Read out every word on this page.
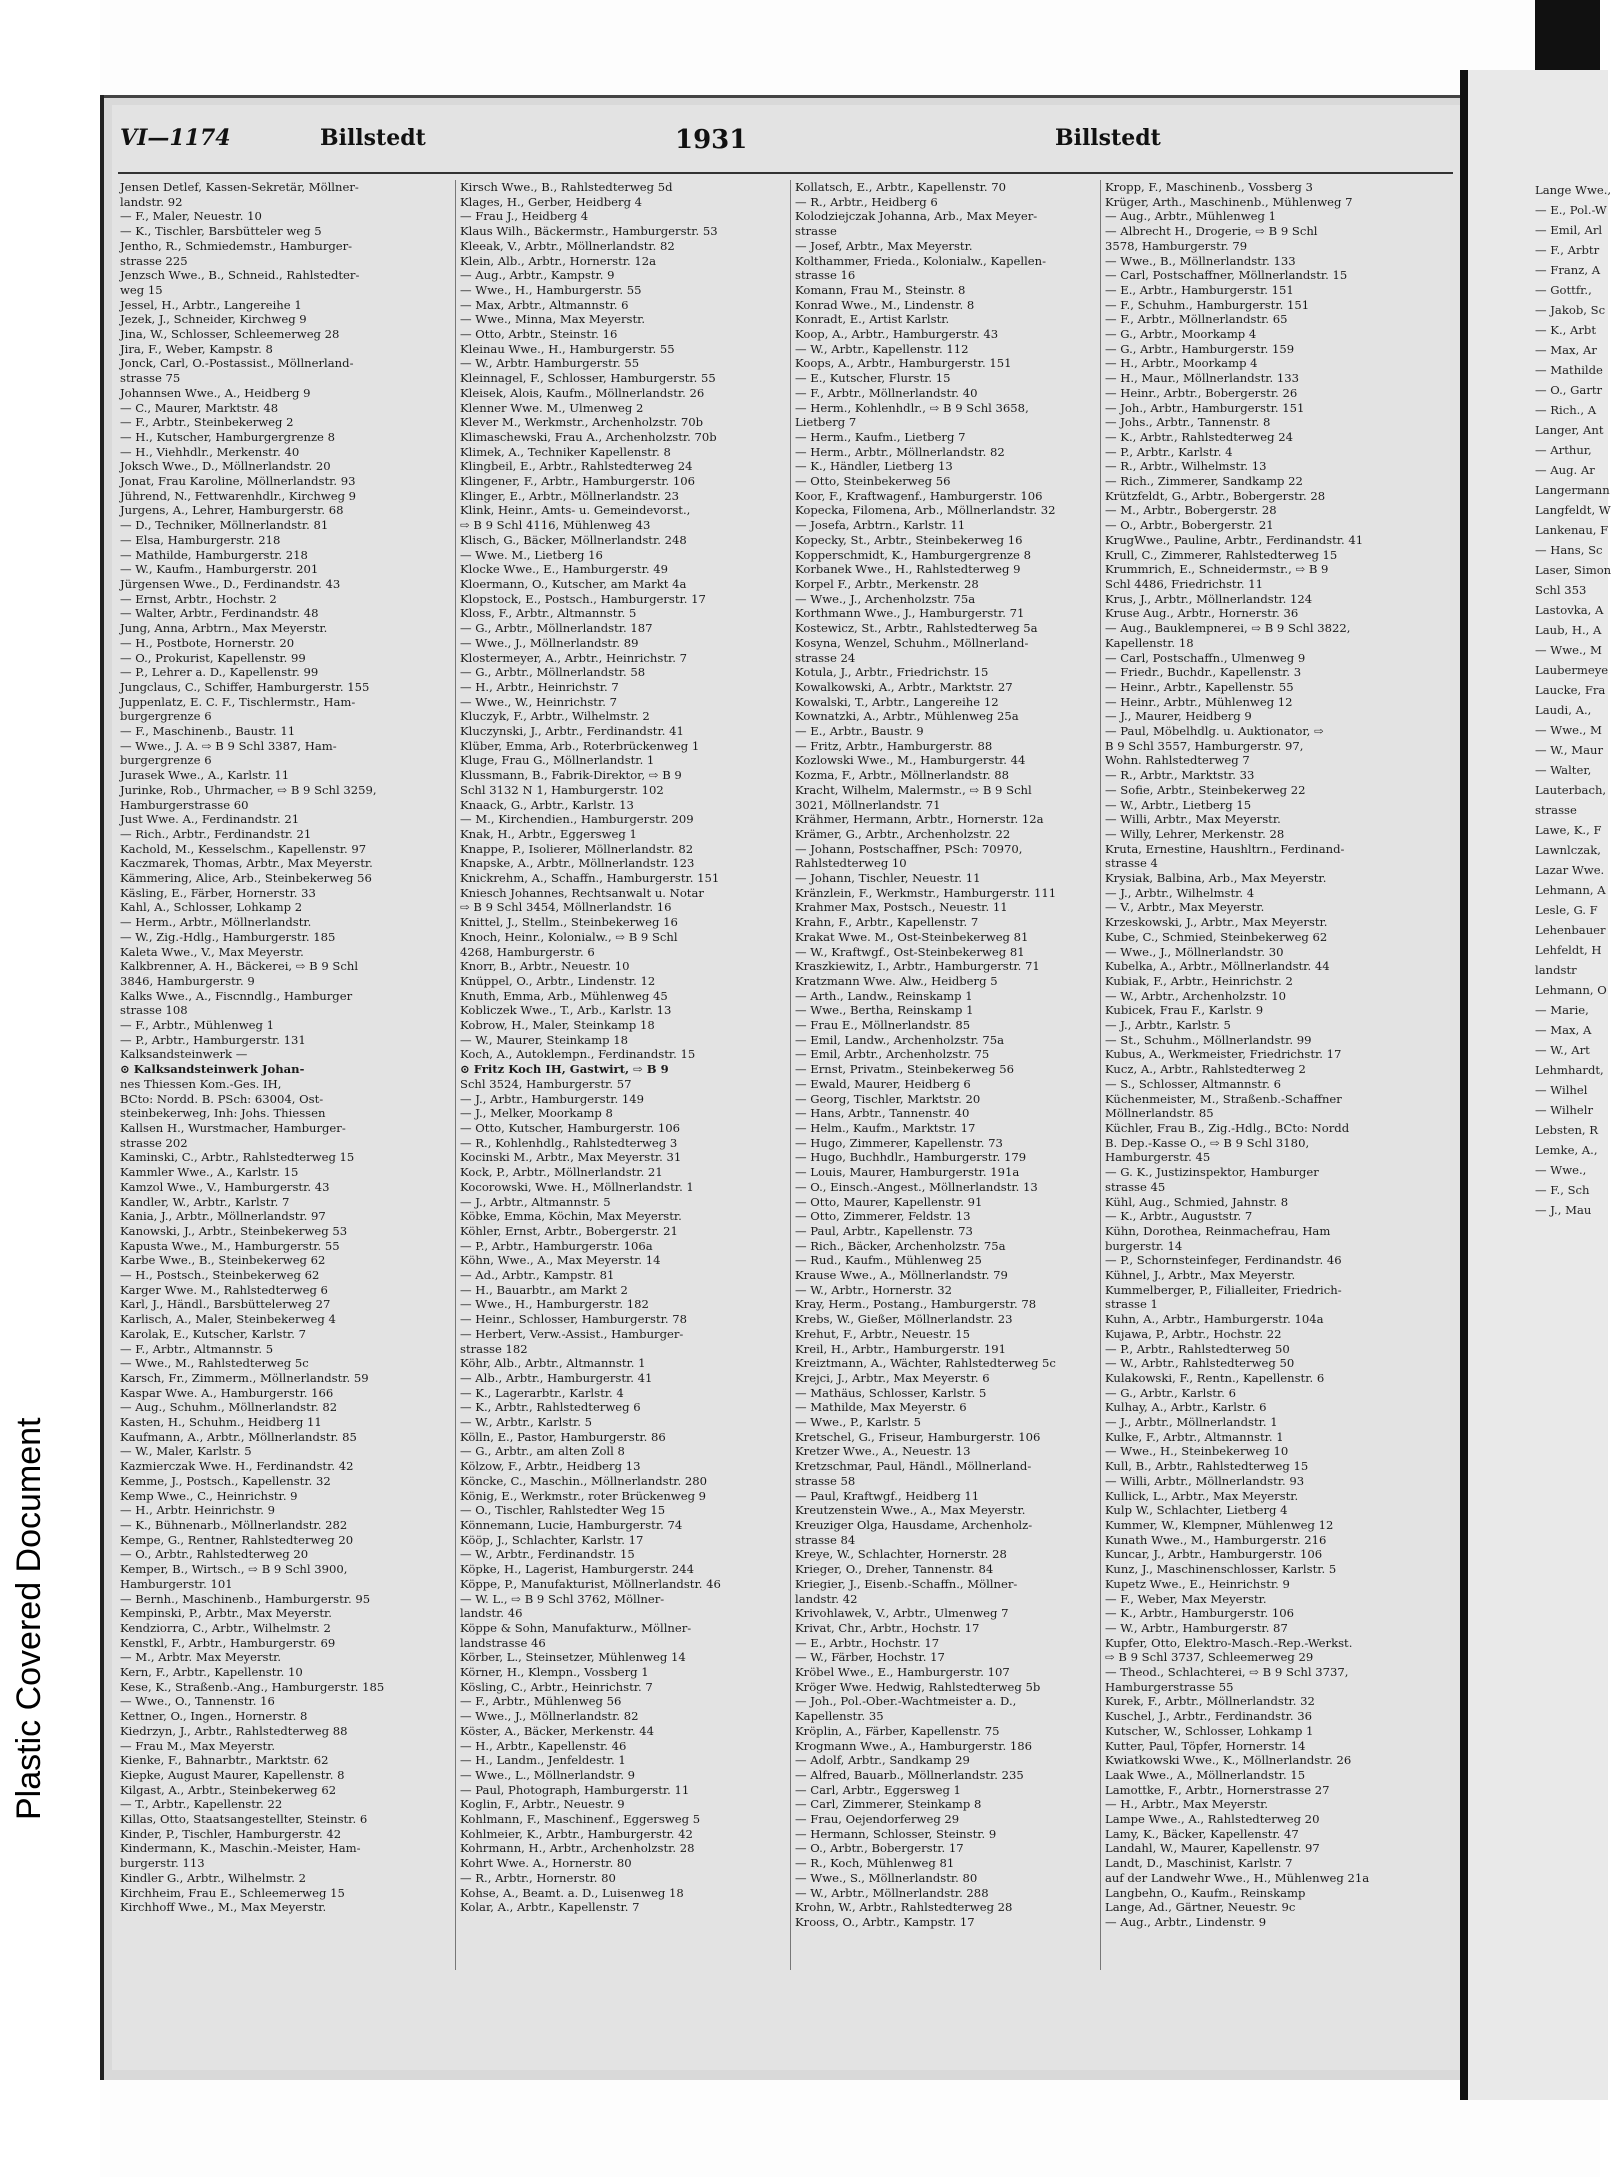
Plastic Covered Document
VI—1174	Billstedt	1931	Billstedt
Jensen Detlef, Kassen-Sekretär, Möllner-
landstr. 92
— F., Maler, Neuestr. 10
— K., Tischler, Barsbütteler weg 5
Jentho, R., Schmiedemstr., Hamburger-
strasse 225
Jenzsch Wwe., B., Schneid., Rahlstedter-
weg 15
Jessel, H., Arbtr., Langereihe 1
Jezek, J., Schneider, Kirchweg 9
Jina, W., Schlosser, Schleemerweg 28
Jira, F., Weber, Kampstr. 8
Jonck, Carl, O.-Postassist., Möllnerland-
strasse 75
Johannsen Wwe., A., Heidberg 9
— C., Maurer, Marktstr. 48
— F., Arbtr., Steinbekerweg 2
— H., Kutscher, Hamburgergrenze 8
— H., Viehhdlr., Merkenstr. 40
Joksch Wwe., D., Möllnerlandstr. 20
Jonat, Frau Karoline, Möllnerlandstr. 93
Jührend, N., Fettwarenhdlr., Kirchweg 9
Jurgens, A., Lehrer, Hamburgerstr. 68
— D., Techniker, Möllnerlandstr. 81
— Elsa, Hamburgerstr. 218
— Mathilde, Hamburgerstr. 218
— W., Kaufm., Hamburgerstr. 201
Jürgensen Wwe., D., Ferdinandstr. 43
— Ernst, Arbtr., Hochstr. 2
— Walter, Arbtr., Ferdinandstr. 48
Jung, Anna, Arbtrn., Max Meyerstr.
— H., Postbote, Hornerstr. 20
— O., Prokurist, Kapellenstr. 99
— P., Lehrer a. D., Kapellenstr. 99
Jungclaus, C., Schiffer, Hamburgerstr. 155
Juppenlatz, E. C. F., Tischlermstr., Ham-
burgergrenze 6
— F., Maschinenb., Baustr. 11
— Wwe., J. A. ⇨ B 9 Schl 3387, Ham-
burgergrenze 6
Jurasek Wwe., A., Karlstr. 11
Jurinke, Rob., Uhrmacher, ⇨ B 9 Schl 3259,
Hamburgerstrasse 60
Just Wwe. A., Ferdinandstr. 21
— Rich., Arbtr., Ferdinandstr. 21
Kachold, M., Kesselschm., Kapellenstr. 97
Kaczmarek, Thomas, Arbtr., Max Meyerstr.
Kämmering, Alice, Arb., Steinbekerweg 56
Käsling, E., Färber, Hornerstr. 33
Kahl, A., Schlosser, Lohkamp 2
— Herm., Arbtr., Möllnerlandstr.
— W., Zig.-Hdlg., Hamburgerstr. 185
Kaleta Wwe., V., Max Meyerstr.
Kalkbrenner, A. H., Bäckerei, ⇨ B 9 Schl
3846, Hamburgerstr. 9
Kalks Wwe., A., Fiscnndlg., Hamburger
strasse 108
— F., Arbtr., Mühlenweg 1
— P., Arbtr., Hamburgerstr. 131
Kalksandsteinwerk —
⊙ Kalksandsteinwerk Johan-
nes Thiessen Kom.-Ges. IH,
BCto: Nordd. B. PSch: 63004, Ost-
steinbekerweg, Inh: Johs. Thiessen
Kallsen H., Wurstmacher, Hamburger-
strasse 202
Kaminski, C., Arbtr., Rahlstedterweg 15
Kammler Wwe., A., Karlstr. 15
Kamzol Wwe., V., Hamburgerstr. 43
Kandler, W., Arbtr., Karlstr. 7
Kania, J., Arbtr., Möllnerlandstr. 97
Kanowski, J., Arbtr., Steinbekerweg 53
Kapusta Wwe., M., Hamburgerstr. 55
Karbe Wwe., B., Steinbekerweg 62
— H., Postsch., Steinbekerweg 62
Karger Wwe. M., Rahlstedterweg 6
Karl, J., Händl., Barsbüttelerweg 27
Karlisch, A., Maler, Steinbekerweg 4
Karolak, E., Kutscher, Karlstr. 7
— F., Arbtr., Altmannstr. 5
— Wwe., M., Rahlstedterweg 5c
Karsch, Fr., Zimmerm., Möllnerlandstr. 59
Kaspar Wwe. A., Hamburgerstr. 166
— Aug., Schuhm., Möllnerlandstr. 82
Kasten, H., Schuhm., Heidberg 11
Kaufmann, A., Arbtr., Möllnerlandstr. 85
— W., Maler, Karlstr. 5
Kazmierczak Wwe. H., Ferdinandstr. 42
Kemme, J., Postsch., Kapellenstr. 32
Kemp Wwe., C., Heinrichstr. 9
— H., Arbtr. Heinrichstr. 9
— K., Bühnenarb., Möllnerlandstr. 282
Kempe, G., Rentner, Rahlstedterweg 20
— O., Arbtr., Rahlstedterweg 20
Kemper, B., Wirtsch., ⇨ B 9 Schl 3900,
Hamburgerstr. 101
— Bernh., Maschinenb., Hamburgerstr. 95
Kempinski, P., Arbtr., Max Meyerstr.
Kendziorra, C., Arbtr., Wilhelmstr. 2
Kenstkl, F., Arbtr., Hamburgerstr. 69
— M., Arbtr. Max Meyerstr.
Kern, F., Arbtr., Kapellenstr. 10
Kese, K., Straßenb.-Ang., Hamburgerstr. 185
— Wwe., O., Tannenstr. 16
Kettner, O., Ingen., Hornerstr. 8
Kiedrzyn, J., Arbtr., Rahlstedterweg 88
— Frau M., Max Meyerstr.
Kienke, F., Bahnarbtr., Marktstr. 62
Kiepke, August Maurer, Kapellenstr. 8
Kilgast, A., Arbtr., Steinbekerweg 62
— T., Arbtr., Kapellenstr. 22
Killas, Otto, Staatsangestellter, Steinstr. 6
Kinder, P., Tischler, Hamburgerstr. 42
Kindermann, K., Maschin.-Meister, Ham-
burgerstr. 113
Kindler G., Arbtr., Wilhelmstr. 2
Kirchheim, Frau E., Schleemerweg 15
Kirchhoff Wwe., M., Max Meyerstr.
Kirsch Wwe., B., Rahlstedterweg 5d
Klages, H., Gerber, Heidberg 4
— Frau J., Heidberg 4
Klaus Wilh., Bäckermstr., Hamburgerstr. 53
Kleeak, V., Arbtr., Möllnerlandstr. 82
Klein, Alb., Arbtr., Hornerstr. 12a
— Aug., Arbtr., Kampstr. 9
— Wwe., H., Hamburgerstr. 55
— Max, Arbtr., Altmannstr. 6
— Wwe., Minna, Max Meyerstr.
— Otto, Arbtr., Steinstr. 16
Kleinau Wwe., H., Hamburgerstr. 55
— W., Arbtr. Hamburgerstr. 55
Kleinnagel, F., Schlosser, Hamburgerstr. 55
Kleisek, Alois, Kaufm., Möllnerlandstr. 26
Klenner Wwe. M., Ulmenweg 2
Klever M., Werkmstr., Archenholzstr. 70b
Klimaschewski, Frau A., Archenholzstr. 70b
Klimek, A., Techniker Kapellenstr. 8
Klingbeil, E., Arbtr., Rahlstedterweg 24
Klingener, F., Arbtr., Hamburgerstr. 106
Klinger, E., Arbtr., Möllnerlandstr. 23
Klink, Heinr., Amts- u. Gemeindevorst.,
⇨ B 9 Schl 4116, Mühlenweg 43
Klisch, G., Bäcker, Möllnerlandstr. 248
— Wwe. M., Lietberg 16
Klocke Wwe., E., Hamburgerstr. 49
Kloermann, O., Kutscher, am Markt 4a
Klopstock, E., Postsch., Hamburgerstr. 17
Kloss, F., Arbtr., Altmannstr. 5
— G., Arbtr., Möllnerlandstr. 187
— Wwe., J., Möllnerlandstr. 89
Klostermeyer, A., Arbtr., Heinrichstr. 7
— G., Arbtr., Möllnerlandstr. 58
— H., Arbtr., Heinrichstr. 7
— Wwe., W., Heinrichstr. 7
Kluczyk, F., Arbtr., Wilhelmstr. 2
Kluczynski, J., Arbtr., Ferdinandstr. 41
Klüber, Emma, Arb., Roterbrückenweg 1
Kluge, Frau G., Möllnerlandstr. 1
Klussmann, B., Fabrik-Direktor, ⇨ B 9
Schl 3132 N 1, Hamburgerstr. 102
Knaack, G., Arbtr., Karlstr. 13
— M., Kirchendien., Hamburgerstr. 209
Knak, H., Arbtr., Eggersweg 1
Knappe, P., Isolierer, Möllnerlandstr. 82
Knapske, A., Arbtr., Möllnerlandstr. 123
Knickrehm, A., Schaffn., Hamburgerstr. 151
Kniesch Johannes, Rechtsanwalt u. Notar
⇨ B 9 Schl 3454, Möllnerlandstr. 16
Knittel, J., Stellm., Steinbekerweg 16
Knoch, Heinr., Kolonialw., ⇨ B 9 Schl
4268, Hamburgerstr. 6
Knorr, B., Arbtr., Neuestr. 10
Knüppel, O., Arbtr., Lindenstr. 12
Knuth, Emma, Arb., Mühlenweg 45
Kobliczek Wwe., T., Arb., Karlstr. 13
Kobrow, H., Maler, Steinkamp 18
— W., Maurer, Steinkamp 18
Koch, A., Autoklempn., Ferdinandstr. 15
⊙ Fritz Koch IH, Gastwirt, ⇨ B 9
Schl 3524, Hamburgerstr. 57
— J., Arbtr., Hamburgerstr. 149
— J., Melker, Moorkamp 8
— Otto, Kutscher, Hamburgerstr. 106
— R., Kohlenhdlg., Rahlstedterweg 3
Kocinski M., Arbtr., Max Meyerstr. 31
Kock, P., Arbtr., Möllnerlandstr. 21
Kocorowski, Wwe. H., Möllnerlandstr. 1
— J., Arbtr., Altmannstr. 5
Köbke, Emma, Köchin, Max Meyerstr.
Köhler, Ernst, Arbtr., Bobergerstr. 21
— P., Arbtr., Hamburgerstr. 106a
Köhn, Wwe., A., Max Meyerstr. 14
— Ad., Arbtr., Kampstr. 81
— H., Bauarbtr., am Markt 2
— Wwe., H., Hamburgerstr. 182
— Heinr., Schlosser, Hamburgerstr. 78
— Herbert, Verw.-Assist., Hamburger-
strasse 182
Köhr, Alb., Arbtr., Altmannstr. 1
— Alb., Arbtr., Hamburgerstr. 41
— K., Lagerarbtr., Karlstr. 4
— K., Arbtr., Rahlstedterweg 6
— W., Arbtr., Karlstr. 5
Kölln, E., Pastor, Hamburgerstr. 86
— G., Arbtr., am alten Zoll 8
Kölzow, F., Arbtr., Heidberg 13
Köncke, C., Maschin., Möllnerlandstr. 280
König, E., Werkmstr., roter Brückenweg 9
— O., Tischler, Rahlstedter Weg 15
Könnemann, Lucie, Hamburgerstr. 74
Kööp, J., Schlachter, Karlstr. 17
— W., Arbtr., Ferdinandstr. 15
Köpke, H., Lagerist, Hamburgerstr. 244
Köppe, P., Manufakturist, Möllnerlandstr. 46
— W. L., ⇨ B 9 Schl 3762, Möllner-
landstr. 46
Köppe & Sohn, Manufakturw., Möllner-
landstrasse 46
Körber, L., Steinsetzer, Mühlenweg 14
Körner, H., Klempn., Vossberg 1
Kösling, C., Arbtr., Heinrichstr. 7
— F., Arbtr., Mühlenweg 56
— Wwe., J., Möllnerlandstr. 82
Köster, A., Bäcker, Merkenstr. 44
— H., Arbtr., Kapellenstr. 46
— H., Landm., Jenfeldestr. 1
— Wwe., L., Möllnerlandstr. 9
— Paul, Photograph, Hamburgerstr. 11
Koglin, F., Arbtr., Neuestr. 9
Kohlmann, F., Maschinenf., Eggersweg 5
Kohlmeier, K., Arbtr., Hamburgerstr. 42
Kohrmann, H., Arbtr., Archenholzstr. 28
Kohrt Wwe. A., Hornerstr. 80
— R., Arbtr., Hornerstr. 80
Kohse, A., Beamt. a. D., Luisenweg 18
Kolar, A., Arbtr., Kapellenstr. 7
Kollatsch, E., Arbtr., Kapellenstr. 70
— R., Arbtr., Heidberg 6
Kolodziejczak Johanna, Arb., Max Meyer-
strasse
— Josef, Arbtr., Max Meyerstr.
Kolthammer, Frieda., Kolonialw., Kapellen-
strasse 16
Komann, Frau M., Steinstr. 8
Konrad Wwe., M., Lindenstr. 8
Konradt, E., Artist Karlstr.
Koop, A., Arbtr., Hamburgerstr. 43
— W., Arbtr., Kapellenstr. 112
Koops, A., Arbtr., Hamburgerstr. 151
— E., Kutscher, Flurstr. 15
— F., Arbtr., Möllnerlandstr. 40
— Herm., Kohlenhdlr., ⇨ B 9 Schl 3658,
Lietberg 7
— Herm., Kaufm., Lietberg 7
— Herm., Arbtr., Möllnerlandstr. 82
— K., Händler, Lietberg 13
— Otto, Steinbekerweg 56
Koor, F., Kraftwagenf., Hamburgerstr. 106
Kopecka, Filomena, Arb., Möllnerlandstr. 32
— Josefa, Arbtrn., Karlstr. 11
Kopecky, St., Arbtr., Steinbekerweg 16
Kopperschmidt, K., Hamburgergrenze 8
Korbanek Wwe., H., Rahlstedterweg 9
Korpel F., Arbtr., Merkenstr. 28
— Wwe., J., Archenholzstr. 75a
Korthmann Wwe., J., Hamburgerstr. 71
Kostewicz, St., Arbtr., Rahlstedterweg 5a
Kosyna, Wenzel, Schuhm., Möllnerland-
strasse 24
Kotula, J., Arbtr., Friedrichstr. 15
Kowalkowski, A., Arbtr., Marktstr. 27
Kowalski, T., Arbtr., Langereihe 12
Kownatzki, A., Arbtr., Mühlenweg 25a
— E., Arbtr., Baustr. 9
— Fritz, Arbtr., Hamburgerstr. 88
Kozlowski Wwe., M., Hamburgerstr. 44
Kozma, F., Arbtr., Möllnerlandstr. 88
Kracht, Wilhelm, Malermstr., ⇨ B 9 Schl
3021, Möllnerlandstr. 71
Krähmer, Hermann, Arbtr., Hornerstr. 12a
Krämer, G., Arbtr., Archenholzstr. 22
— Johann, Postschaffner, PSch: 70970,
Rahlstedterweg 10
— Johann, Tischler, Neuestr. 11
Kränzlein, F., Werkmstr., Hamburgerstr. 111
Krahmer Max, Postsch., Neuestr. 11
Krahn, F., Arbtr., Kapellenstr. 7
Krakat Wwe. M., Ost-Steinbekerweg 81
— W., Kraftwgf., Ost-Steinbekerweg 81
Kraszkiewitz, I., Arbtr., Hamburgerstr. 71
Kratzmann Wwe. Alw., Heidberg 5
— Arth., Landw., Reinskamp 1
— Wwe., Bertha, Reinskamp 1
— Frau E., Möllnerlandstr. 85
— Emil, Landw., Archenholzstr. 75a
— Emil, Arbtr., Archenholzstr. 75
— Ernst, Privatm., Steinbekerweg 56
— Ewald, Maurer, Heidberg 6
— Georg, Tischler, Marktstr. 20
— Hans, Arbtr., Tannenstr. 40
— Helm., Kaufm., Marktstr. 17
— Hugo, Zimmerer, Kapellenstr. 73
— Hugo, Buchhdlr., Hamburgerstr. 179
— Louis, Maurer, Hamburgerstr. 191a
— O., Einsch.-Angest., Möllnerlandstr. 13
— Otto, Maurer, Kapellenstr. 91
— Otto, Zimmerer, Feldstr. 13
— Paul, Arbtr., Kapellenstr. 73
— Rich., Bäcker, Archenholzstr. 75a
— Rud., Kaufm., Mühlenweg 25
Krause Wwe., A., Möllnerlandstr. 79
— W., Arbtr., Hornerstr. 32
Kray, Herm., Postang., Hamburgerstr. 78
Krebs, W., Gießer, Möllnerlandstr. 23
Krehut, F., Arbtr., Neuestr. 15
Kreil, H., Arbtr., Hamburgerstr. 191
Kreiztmann, A., Wächter, Rahlstedterweg 5c
Krejci, J., Arbtr., Max Meyerstr. 6
— Mathäus, Schlosser, Karlstr. 5
— Mathilde, Max Meyerstr. 6
— Wwe., P., Karlstr. 5
Kretschel, G., Friseur, Hamburgerstr. 106
Kretzer Wwe., A., Neuestr. 13
Kretzschmar, Paul, Händl., Möllnerland-
strasse 58
— Paul, Kraftwgf., Heidberg 11
Kreutzenstein Wwe., A., Max Meyerstr.
Kreuziger Olga, Hausdame, Archenholz-
strasse 84
Kreye, W., Schlachter, Hornerstr. 28
Krieger, O., Dreher, Tannenstr. 84
Kriegier, J., Eisenb.-Schaffn., Möllner-
landstr. 42
Krivohlawek, V., Arbtr., Ulmenweg 7
Krivat, Chr., Arbtr., Hochstr. 17
— E., Arbtr., Hochstr. 17
— W., Färber, Hochstr. 17
Kröbel Wwe., E., Hamburgerstr. 107
Kröger Wwe. Hedwig, Rahlstedterweg 5b
— Joh., Pol.-Ober.-Wachtmeister a. D.,
Kapellenstr. 35
Kröplin, A., Färber, Kapellenstr. 75
Krogmann Wwe., A., Hamburgerstr. 186
— Adolf, Arbtr., Sandkamp 29
— Alfred, Bauarb., Möllnerlandstr. 235
— Carl, Arbtr., Eggersweg 1
— Carl, Zimmerer, Steinkamp 8
— Frau, Oejendorferweg 29
— Hermann, Schlosser, Steinstr. 9
— O., Arbtr., Bobergerstr. 17
— R., Koch, Mühlenweg 81
— Wwe., S., Möllnerlandstr. 80
— W., Arbtr., Möllnerlandstr. 288
Krohn, W., Arbtr., Rahlstedterweg 28
Krooss, O., Arbtr., Kampstr. 17
Kropp, F., Maschinenb., Vossberg 3
Krüger, Arth., Maschinenb., Mühlenweg 7
— Aug., Arbtr., Mühlenweg 1
— Albrecht H., Drogerie, ⇨ B 9 Schl
3578, Hamburgerstr. 79
— Wwe., B., Möllnerlandstr. 133
— Carl, Postschaffner, Möllnerlandstr. 15
— E., Arbtr., Hamburgerstr. 151
— F., Schuhm., Hamburgerstr. 151
— F., Arbtr., Möllnerlandstr. 65
— G., Arbtr., Moorkamp 4
— G., Arbtr., Hamburgerstr. 159
— H., Arbtr., Moorkamp 4
— H., Maur., Möllnerlandstr. 133
— Heinr., Arbtr., Bobergerstr. 26
— Joh., Arbtr., Hamburgerstr. 151
— Johs., Arbtr., Tannenstr. 8
— K., Arbtr., Rahlstedterweg 24
— P., Arbtr., Karlstr. 4
— R., Arbtr., Wilhelmstr. 13
— Rich., Zimmerer, Sandkamp 22
Krützfeldt, G., Arbtr., Bobergerstr. 28
— M., Arbtr., Bobergerstr. 28
— O., Arbtr., Bobergerstr. 21
KrugWwe., Pauline, Arbtr., Ferdinandstr. 41
Krull, C., Zimmerer, Rahlstedterweg 15
Krummrich, E., Schneidermstr., ⇨ B 9
Schl 4486, Friedrichstr. 11
Krus, J., Arbtr., Möllnerlandstr. 124
Kruse Aug., Arbtr., Hornerstr. 36
— Aug., Bauklempnerei, ⇨ B 9 Schl 3822,
Kapellenstr. 18
— Carl, Postschaffn., Ulmenweg 9
— Friedr., Buchdr., Kapellenstr. 3
— Heinr., Arbtr., Kapellenstr. 55
— Heinr., Arbtr., Mühlenweg 12
— J., Maurer, Heidberg 9
— Paul, Möbelhdlg. u. Auktionator, ⇨
B 9 Schl 3557, Hamburgerstr. 97,
Wohn. Rahlstedterweg 7
— R., Arbtr., Marktstr. 33
— Sofie, Arbtr., Steinbekerweg 22
— W., Arbtr., Lietberg 15
— Willi, Arbtr., Max Meyerstr.
— Willy, Lehrer, Merkenstr. 28
Kruta, Ernestine, Haushltrn., Ferdinand-
strasse 4
Krysiak, Balbina, Arb., Max Meyerstr.
— J., Arbtr., Wilhelmstr. 4
— V., Arbtr., Max Meyerstr.
Krzeskowski, J., Arbtr., Max Meyerstr.
Kube, C., Schmied, Steinbekerweg 62
— Wwe., J., Möllnerlandstr. 30
Kubelka, A., Arbtr., Möllnerlandstr. 44
Kubiak, F., Arbtr., Heinrichstr. 2
— W., Arbtr., Archenholzstr. 10
Kubicek, Frau F., Karlstr. 9
— J., Arbtr., Karlstr. 5
— St., Schuhm., Möllnerlandstr. 99
Kubus, A., Werkmeister, Friedrichstr. 17
Kucz, A., Arbtr., Rahlstedterweg 2
— S., Schlosser, Altmannstr. 6
Küchenmeister, M., Straßenb.-Schaffner
Möllnerlandstr. 85
Küchler, Frau B., Zig.-Hdlg., BCto: Nordd
B. Dep.-Kasse O., ⇨ B 9 Schl 3180,
Hamburgerstr. 45
— G. K., Justizinspektor, Hamburger
strasse 45
Kühl, Aug., Schmied, Jahnstr. 8
— K., Arbtr., Auguststr. 7
Kühn, Dorothea, Reinmachefrau, Ham
burgerstr. 14
— P., Schornsteinfeger, Ferdinandstr. 46
Kühnel, J., Arbtr., Max Meyerstr.
Kummelberger, P., Filialleiter, Friedrich-
strasse 1
Kuhn, A., Arbtr., Hamburgerstr. 104a
Kujawa, P., Arbtr., Hochstr. 22
— P., Arbtr., Rahlstedterweg 50
— W., Arbtr., Rahlstedterweg 50
Kulakowski, F., Rentn., Kapellenstr. 6
— G., Arbtr., Karlstr. 6
Kulhay, A., Arbtr., Karlstr. 6
— J., Arbtr., Möllnerlandstr. 1
Kulke, F., Arbtr., Altmannstr. 1
— Wwe., H., Steinbekerweg 10
Kull, B., Arbtr., Rahlstedterweg 15
— Willi, Arbtr., Möllnerlandstr. 93
Kullick, L., Arbtr., Max Meyerstr.
Kulp W., Schlachter, Lietberg 4
Kummer, W., Klempner, Mühlenweg 12
Kunath Wwe., M., Hamburgerstr. 216
Kuncar, J., Arbtr., Hamburgerstr. 106
Kunz, J., Maschinenschlosser, Karlstr. 5
Kupetz Wwe., E., Heinrichstr. 9
— F., Weber, Max Meyerstr.
— K., Arbtr., Hamburgerstr. 106
— W., Arbtr., Hamburgerstr. 87
Kupfer, Otto, Elektro-Masch.-Rep.-Werkst.
⇨ B 9 Schl 3737, Schleemerweg 29
— Theod., Schlachterei, ⇨ B 9 Schl 3737,
Hamburgerstrasse 55
Kurek, F., Arbtr., Möllnerlandstr. 32
Kuschel, J., Arbtr., Ferdinandstr. 36
Kutscher, W., Schlosser, Lohkamp 1
Kutter, Paul, Töpfer, Hornerstr. 14
Kwiatkowski Wwe., K., Möllnerlandstr. 26
Laak Wwe., A., Möllnerlandstr. 15
Lamottke, F., Arbtr., Hornerstrasse 27
— H., Arbtr., Max Meyerstr.
Lampe Wwe., A., Rahlstedterweg 20
Lamy, K., Bäcker, Kapellenstr. 47
Landahl, W., Maurer, Kapellenstr. 97
Landt, D., Maschinist, Karlstr. 7
auf der Landwehr Wwe., H., Mühlenweg 21a
Langbehn, O., Kaufm., Reinskamp
Lange, Ad., Gärtner, Neuestr. 9c
— Aug., Arbtr., Lindenstr. 9
Lange Wwe.,
— E., Pol.-W
— Emil, Arl
— F., Arbtr
— Franz, A
— Gottfr.,
— Jakob, Sc
— K., Arbt
— Max, Ar
— Mathilde
— O., Gartr
— Rich., A
Langer, Ant
— Arthur,
— Aug. Ar
Langermann
Langfeldt, W
Lankenau, F
— Hans, Sc
Laser, Simon
Schl 353
Lastovka, A
Laub, H., A
— Wwe., M
Laubermeye
Laucke, Fra
Laudi, A.,
— Wwe., M
— W., Maur
— Walter,
Lauterbach,
strasse
Lawe, K., F
Lawnlczak,
Lazar Wwe.
Lehmann, A
Lesle, G. F
Lehenbauer
Lehfeldt, H
landstr
Lehmann, O
— Marie,
— Max, A
— W., Art
Lehmhardt,
— Wilhel
— Wilhelr
Lebsten, R
Lemke, A.,
— Wwe.,
— F., Sch
— J., Mau
